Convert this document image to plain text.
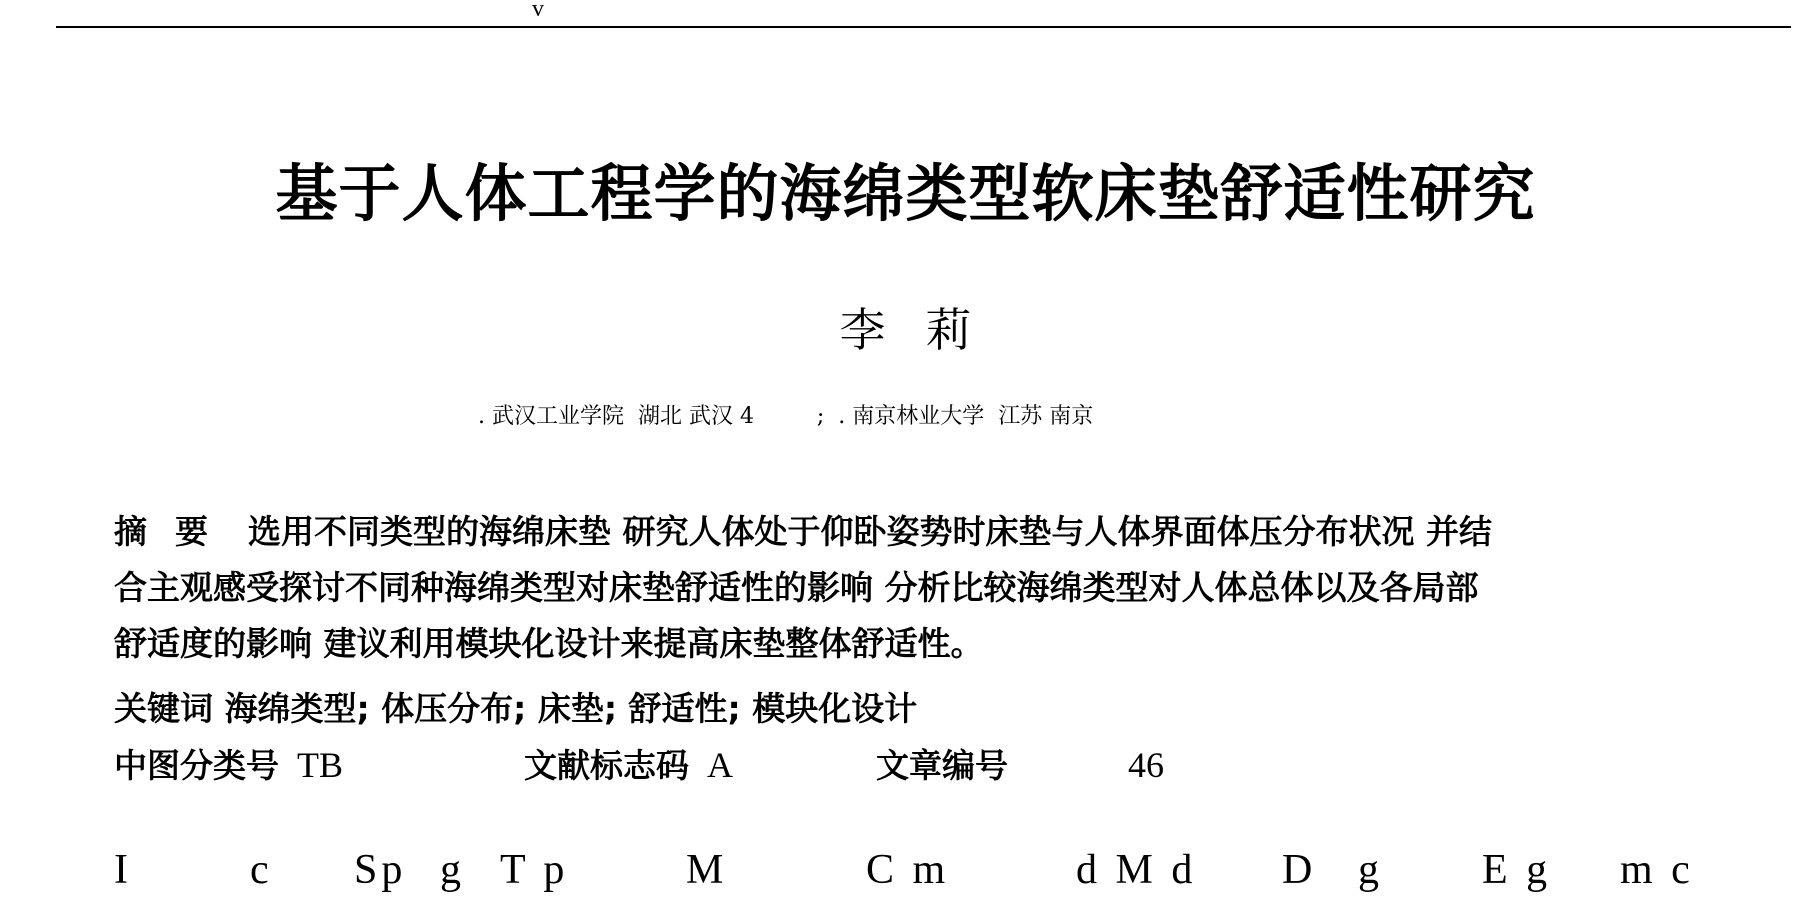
v
基于人体工程学的海绵类型软床垫舒适性研究
李莉
. 武汉工业学院  湖北 武汉 4         ;  . 南京林业大学  江苏 南京
摘要 选用不同类型的海绵床垫 研究人体处于仰卧姿势时床垫与人体界面体压分布状况 并结
合主观感受探讨不同种海绵类型对床垫舒适性的影响 分析比较海绵类型对人体总体以及各局部
舒适度的影响 建议利用模块化设计来提高床垫整体舒适性。
关键词 海绵类型; 体压分布; 床垫; 舒适性; 模块化设计
中图分类号 TB	文献标志码 A	文章编号	46
I	c Sp g T p	M	C m	d M d D g E g m c
